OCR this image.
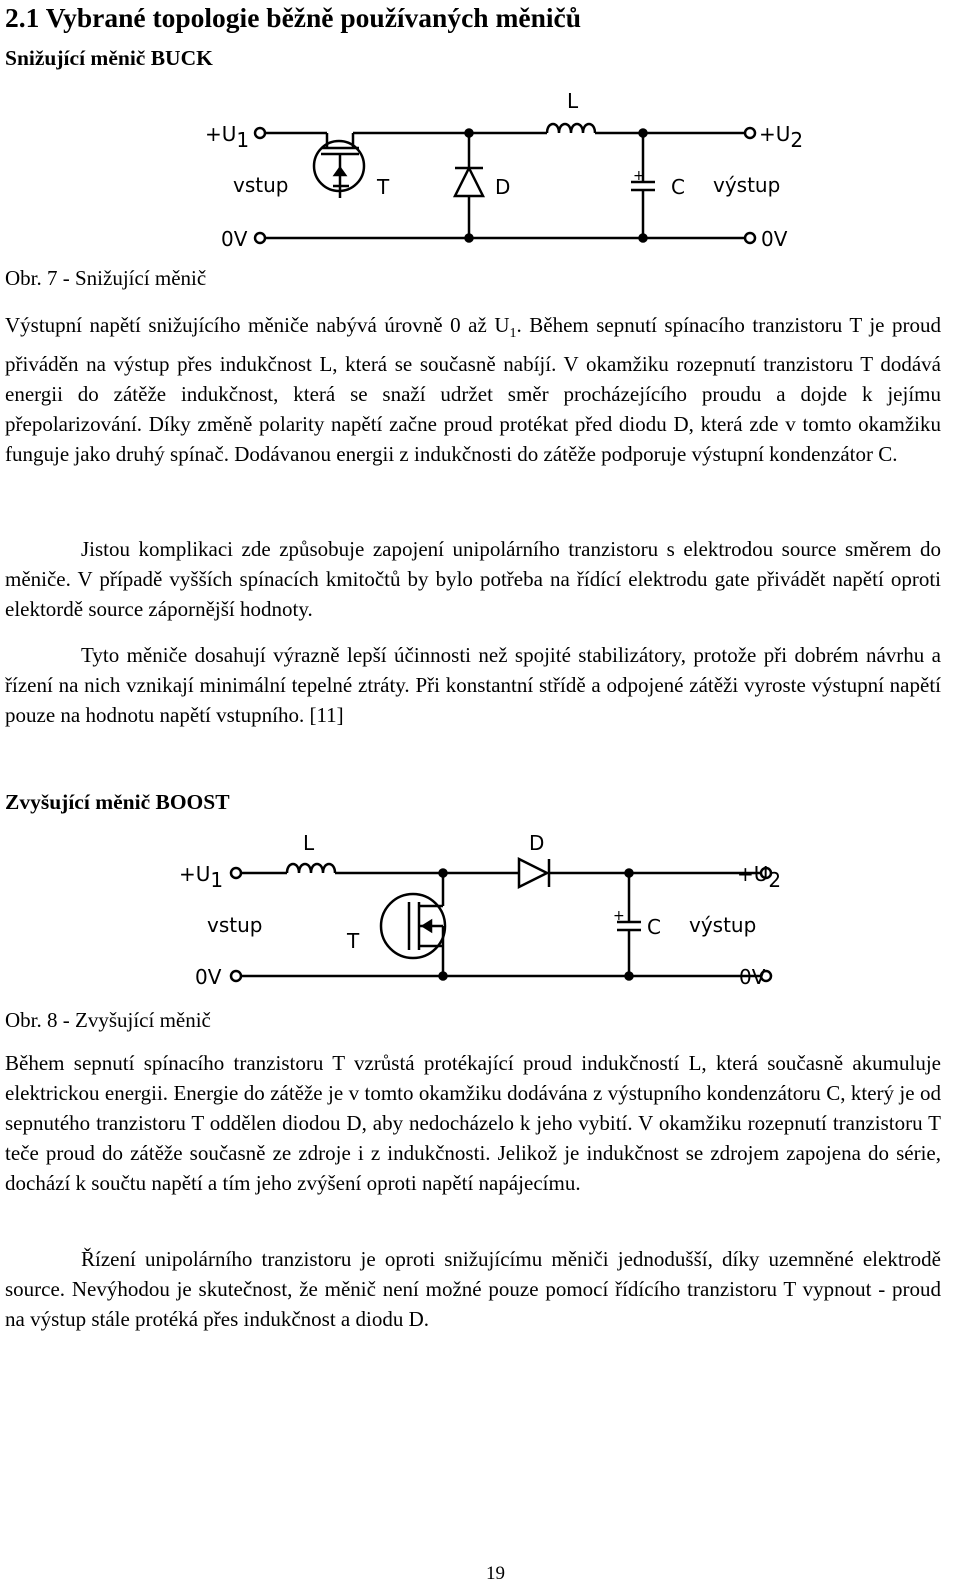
2.1 Vybrané topologie běžně používaných měničů
Snižující měnič BUCK
+U1	+U2
vstup	výstup
0V	0V
L
T	D	C
+
Obr. 7 - Snižující měnič

Výstupní napětí snižujícího měniče nabývá úrovně 0 až $U_1$. Během sepnutí spínacího tranzistoru T je proud přiváděn na výstup přes indukčnost L, která se současně nabíjí. V okamžiku rozepnutí tranzistoru T dodává energii do zátěže indukčnost, která se snaží udržet směr procházejícího proudu a dojde k jejímu přepolarizování. Díky změně polarity napětí začne proud protékat před diodu D, která zde v tomto okamžiku funguje jako druhý spínač. Dodávanou energii z indukčnosti do zátěže podporuje výstupní kondenzátor C.

Jistou komplikaci zde způsobuje zapojení unipolárního tranzistoru s elektrodou source směrem do měniče. V případě vyšších spínacích kmitočtů by bylo potřeba na řídící elektrodu gate přivádět napětí oproti elektordě source zápornější hodnoty.

Tyto měniče dosahují výrazně lepší účinnosti než spojité stabilizátory, protože při dobrém návrhu a řízení na nich vznikají minimální tepelné ztráty. Při konstantní střídě a odpojené zátěži vyroste výstupní napětí pouze na hodnotu napětí vstupního. [11]

Zvyšující měnič BOOST
+U1	+U2
vstup	výstup
0V	0V
L
T
D
C
+
Obr. 8 - Zvyšující měnič

Během sepnutí spínacího tranzistoru T vzrůstá protékající proud indukčností L, která současně akumuluje elektrickou energii. Energie do zátěže je v tomto okamžiku dodávána z výstupního kondenzátoru C, který je od sepnutého tranzistoru T oddělen diodou D, aby nedocházelo k jeho vybití. V okamžiku rozepnutí tranzistoru T teče proud do zátěže současně ze zdroje i z indukčnosti. Jelikož je indukčnost se zdrojem zapojena do série, dochází k součtu napětí a tím jeho zvýšení oproti napětí napájecímu.

Řízení unipolárního tranzistoru je oproti snižujícímu měniči jednodušší, díky uzemněné elektrodě source. Nevýhodou je skutečnost, že měnič není možné pouze pomocí řídícího tranzistoru T vypnout - proud na výstup stále protéká přes indukčnost a diodu D.

19
